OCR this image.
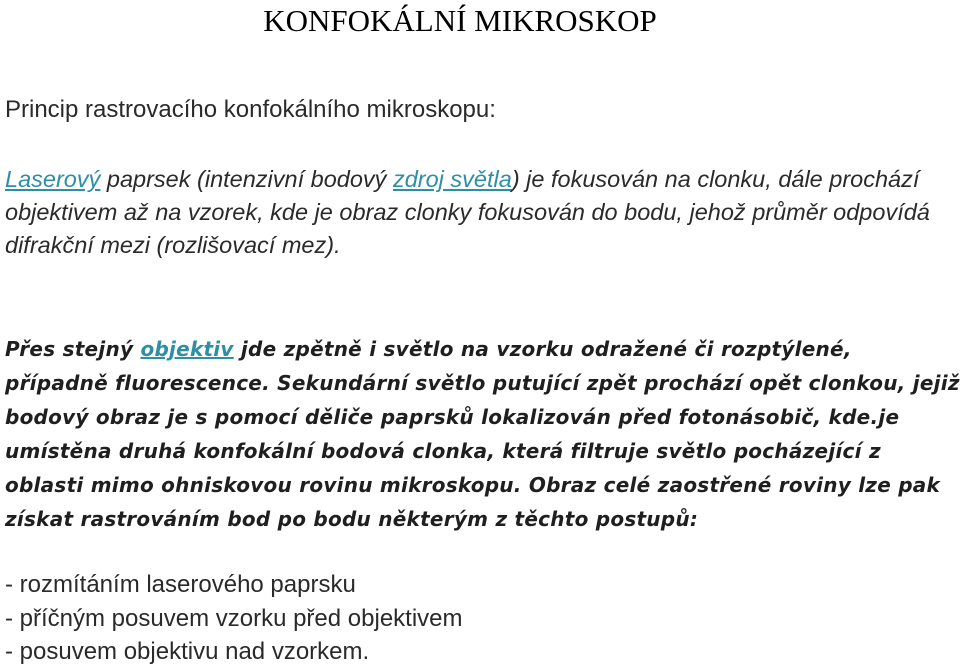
KONFOKÁLNÍ MIKROSKOP

Princip rastrovacího konfokálního mikroskopu:

Laserový paprsek (intenzivní bodový zdroj světla) je fokusován na clonku, dále prochází objektivem až na vzorek, kde je obraz clonky fokusován do bodu, jehož průměr odpovídá difrakční mezi (rozlišovací mez).

Přes stejný objektiv jde zpětně i světlo na vzorku odražené či rozptýlené, případně fluorescence. Sekundární světlo putující zpět prochází opět clonkou, jejiž bodový obraz je s pomocí děliče paprsků lokalizován před fotonásobič, kde.je umístěna druhá konfokální bodová clonka, která filtruje světlo pocházející z oblasti mimo ohniskovou rovinu mikroskopu. Obraz celé zaostřené roviny lze pak získat rastrováním bod po bodu některým z těchto postupů:

- rozmítáním laserového paprsku
- příčným posuvem vzorku před objektivem
- posuvem objektivu nad vzorkem.
